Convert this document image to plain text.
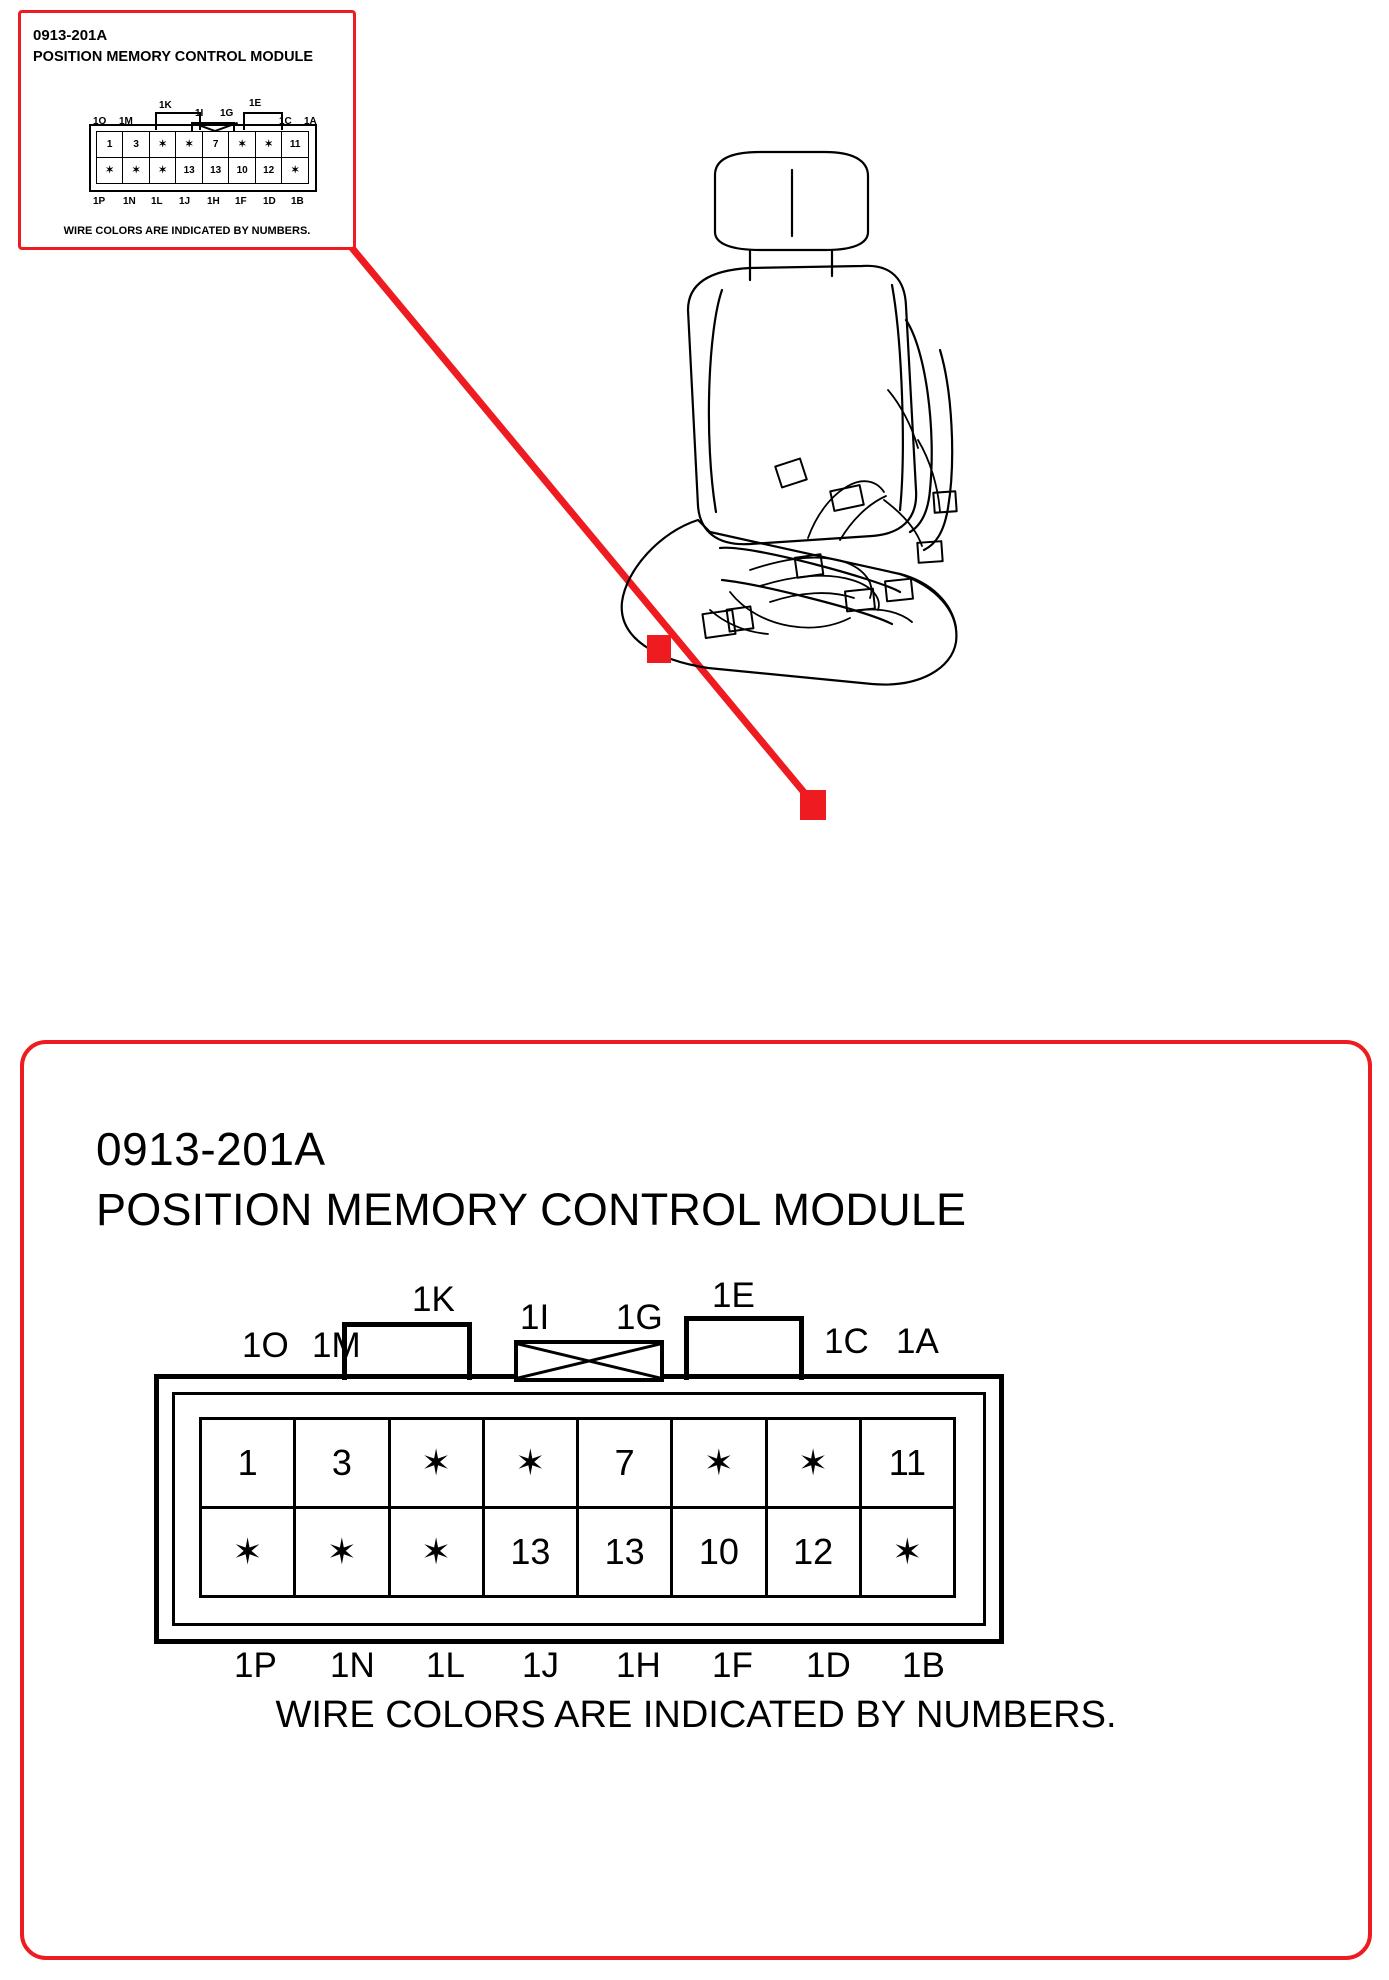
0913-201A
POSITION MEMORY CONTROL MODULE
1	3	✶	✶	7	✶	✶	11
✶	✶	✶	13	13	10	12	✶
1O 1M
1K
1I 1G
1E
1C 1A
1P 1N 1L 1J 1H 1F 1D 1B
WIRE COLORS ARE INDICATED BY NUMBERS.
0913-201A
POSITION MEMORY CONTROL MODULE
1	3	✶	✶	7	✶	✶	11
✶	✶	✶	13	13	10	12	✶
1O 1M
1K 1I 1G
1E
1C 1A
1P 1N 1L 1J 1H 1F 1D 1B
WIRE COLORS ARE INDICATED BY NUMBERS.
